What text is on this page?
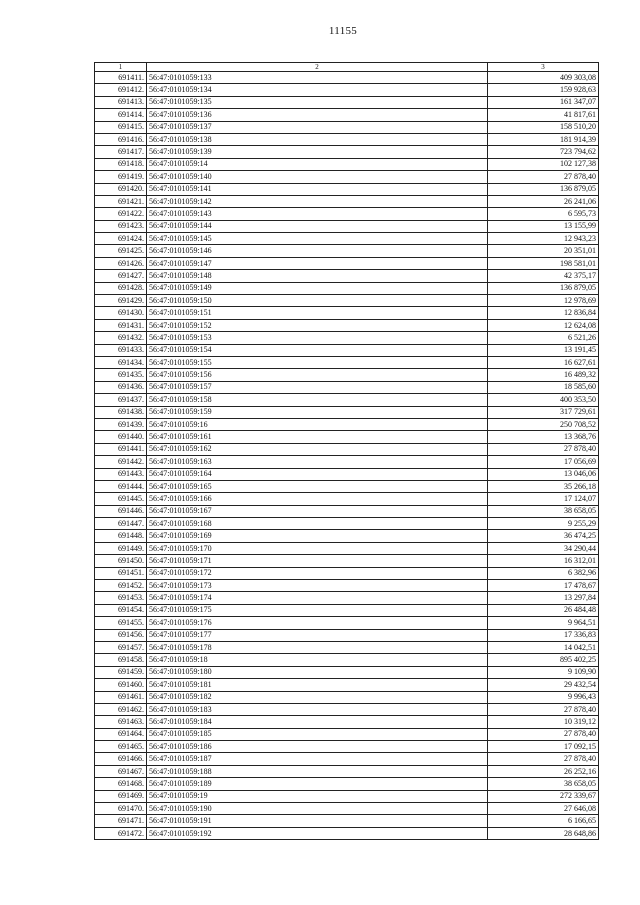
11155
1	2	3
691411.	56:47:0101059:133	409 303,08
691412.	56:47:0101059:134	159 928,63
691413.	56:47:0101059:135	161 347,07
691414.	56:47:0101059:136	41 817,61
691415.	56:47:0101059:137	158 510,20
691416.	56:47:0101059:138	181 914,39
691417.	56:47:0101059:139	723 794,62
691418.	56:47:0101059:14	102 127,38
691419.	56:47:0101059:140	27 878,40
691420.	56:47:0101059:141	136 879,05
691421.	56:47:0101059:142	26 241,06
691422.	56:47:0101059:143	6 595,73
691423.	56:47:0101059:144	13 155,99
691424.	56:47:0101059:145	12 943,23
691425.	56:47:0101059:146	20 351,01
691426.	56:47:0101059:147	198 581,01
691427.	56:47:0101059:148	42 375,17
691428.	56:47:0101059:149	136 879,05
691429.	56:47:0101059:150	12 978,69
691430.	56:47:0101059:151	12 836,84
691431.	56:47:0101059:152	12 624,08
691432.	56:47:0101059:153	6 521,26
691433.	56:47:0101059:154	13 191,45
691434.	56:47:0101059:155	16 627,61
691435.	56:47:0101059:156	16 489,32
691436.	56:47:0101059:157	18 585,60
691437.	56:47:0101059:158	400 353,50
691438.	56:47:0101059:159	317 729,61
691439.	56:47:0101059:16	250 708,52
691440.	56:47:0101059:161	13 368,76
691441.	56:47:0101059:162	27 878,40
691442.	56:47:0101059:163	17 056,69
691443.	56:47:0101059:164	13 046,06
691444.	56:47:0101059:165	35 266,18
691445.	56:47:0101059:166	17 124,07
691446.	56:47:0101059:167	38 658,05
691447.	56:47:0101059:168	9 255,29
691448.	56:47:0101059:169	36 474,25
691449.	56:47:0101059:170	34 290,44
691450.	56:47:0101059:171	16 312,01
691451.	56:47:0101059:172	6 382,96
691452.	56:47:0101059:173	17 478,67
691453.	56:47:0101059:174	13 297,84
691454.	56:47:0101059:175	26 484,48
691455.	56:47:0101059:176	9 964,51
691456.	56:47:0101059:177	17 336,83
691457.	56:47:0101059:178	14 042,51
691458.	56:47:0101059:18	895 402,25
691459.	56:47:0101059:180	9 109,90
691460.	56:47:0101059:181	29 432,54
691461.	56:47:0101059:182	9 996,43
691462.	56:47:0101059:183	27 878,40
691463.	56:47:0101059:184	10 319,12
691464.	56:47:0101059:185	27 878,40
691465.	56:47:0101059:186	17 092,15
691466.	56:47:0101059:187	27 878,40
691467.	56:47:0101059:188	26 252,16
691468.	56:47:0101059:189	38 658,05
691469.	56:47:0101059:19	272 339,67
691470.	56:47:0101059:190	27 646,08
691471.	56:47:0101059:191	6 166,65
691472.	56:47:0101059:192	28 648,86
